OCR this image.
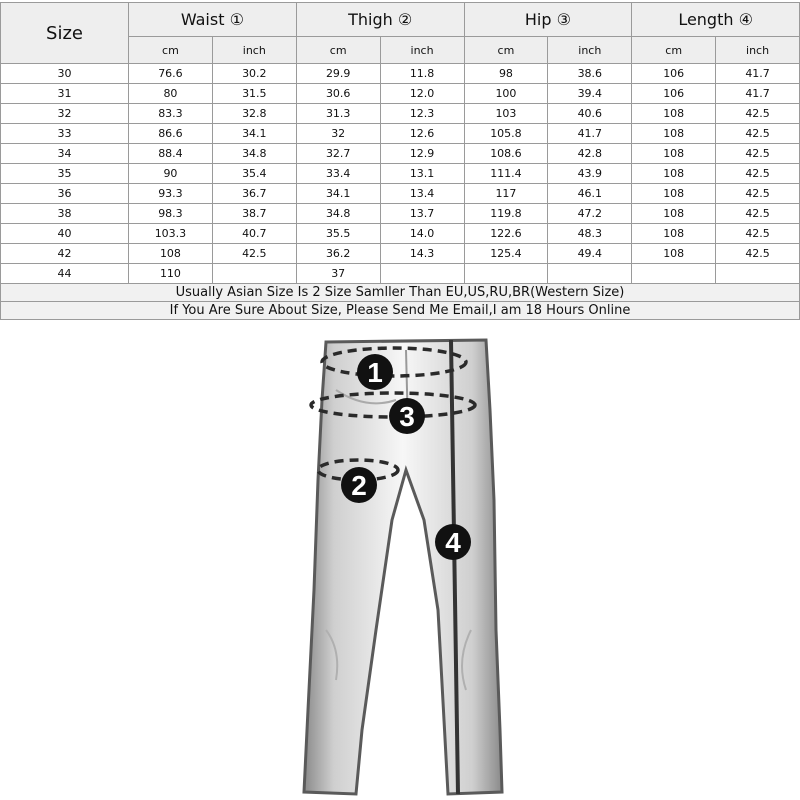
Size	Waist ①		Thigh ②		Hip ③		Length ④	
	cm	inch	cm	inch	cm	inch	cm	inch
30	76.6	30.2	29.9	11.8	98	38.6	106	41.7
31	80	31.5	30.6	12.0	100	39.4	106	41.7
32	83.3	32.8	31.3	12.3	103	40.6	108	42.5
33	86.6	34.1	32	12.6	105.8	41.7	108	42.5
34	88.4	34.8	32.7	12.9	108.6	42.8	108	42.5
35	90	35.4	33.4	13.1	111.4	43.9	108	42.5
36	93.3	36.7	34.1	13.4	117	46.1	108	42.5
38	98.3	38.7	34.8	13.7	119.8	47.2	108	42.5
40	103.3	40.7	35.5	14.0	122.6	48.3	108	42.5
42	108	42.5	36.2	14.3	125.4	49.4	108	42.5
44	110		37					
Usually Asian Size Is 2 Size Samller Than EU,US,RU,BR(Western Size)								
If You Are Sure About Size, Please Send Me Email,I am 18 Hours Online								
1
3
2
4
